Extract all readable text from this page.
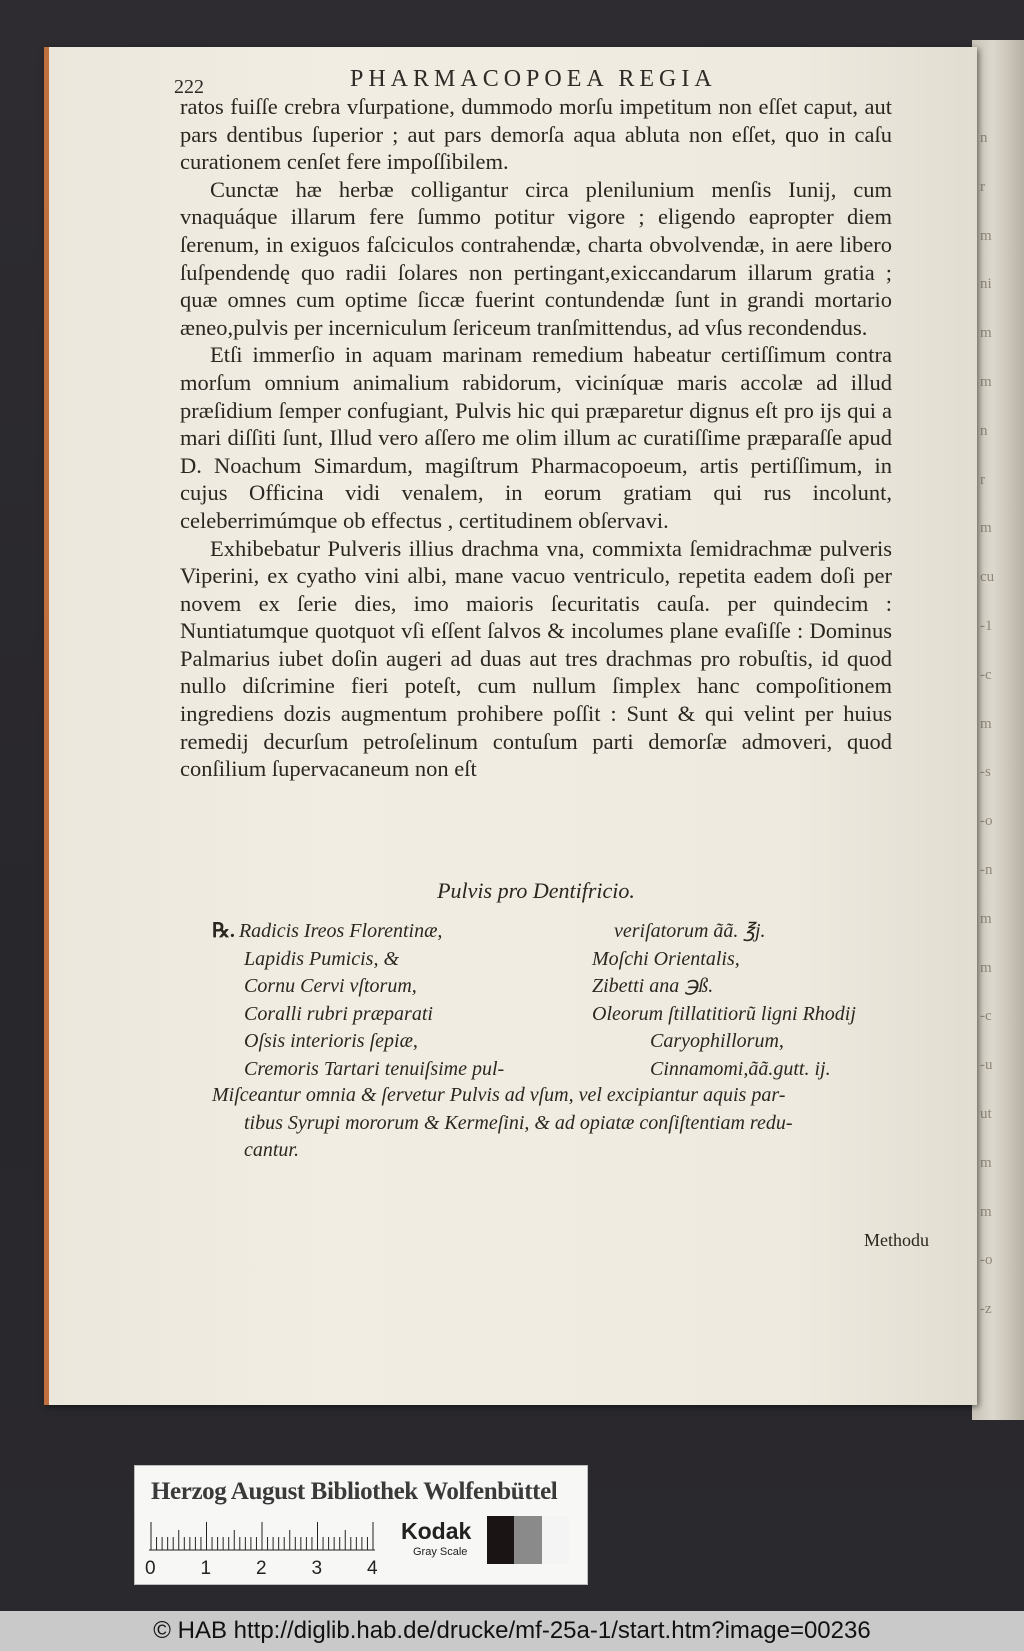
n
r
m
ni
m
m
n
r
m
cu
-1
-c
m
-s
-o
-n
m
m
-c
-u
ut
m
m
-o
-z
222	PHARMACOPOEA REGIA

ratos fuiſſe crebra vſurpatione, dummodo morſu impetitum non eſſet caput, aut pars dentibus ſuperior ; aut pars demorſa aqua abluta non eſſet, quo in caſu curationem cenſet fere impoſſibilem.

Cunctæ hæ herbæ colligantur circa plenilunium menſis Iunij, cum vnaquáque illarum fere ſummo potitur vigore ; eligendo eapropter diem ſerenum, in exiguos faſciculos contrahendæ, charta obvolvendæ, in aere libero ſuſpendendę quo radii ſolares non pertingant,exiccandarum illarum gratia ; quæ omnes cum optime ſiccæ fuerint contundendæ ſunt in grandi mortario æneo,pulvis per incerniculum ſericeum tranſmittendus, ad vſus recondendus.

Etſi immerſio in aquam marinam remedium habeatur certiſſimum contra morſum omnium animalium rabidorum, viciníquæ maris accolæ ad illud præſidium ſemper confugiant, Pulvis hic qui præparetur dignus eſt pro ijs qui a mari diſſiti ſunt, Illud vero aſſero me olim illum ac curatiſſime præparaſſe apud D. Noachum Simardum, magiſtrum Pharmacopoeum, artis pertiſſimum, in cujus Officina vidi venalem, in eorum gratiam qui rus incolunt, celeberrimúmque ob effectus , certitudinem obſervavi.

Exhibebatur Pulveris illius drachma vna, commixta ſemidrachmæ pulveris Viperini, ex cyatho vini albi, mane vacuo ventriculo, repetita eadem doſi per novem ex ſerie dies, imo maioris ſecuritatis cauſa. per quindecim : Nuntiatumque quotquot vſi eſſent ſalvos & incolumes plane evaſiſſe : Dominus Palmarius iubet doſin augeri ad duas aut tres drachmas pro robuſtis, id quod nullo diſcrimine fieri poteſt, cum nullum ſimplex hanc compoſitionem ingrediens dozis augmentum prohibere poſſit : Sunt & qui velint per huius remedij decurſum petroſelinum contuſum parti demorſæ admoveri, quod conſilium ſupervacaneum non eſt

Pulvis pro Dentifricio.
℞. Radicis Ireos Florentinæ,
Lapidis Pumicis, &
Cornu Cervi vſtorum,
Coralli rubri præparati
Oſsis interioris ſepiæ,
Cremoris Tartari tenuiſsime pul-
veriſatorum ãã. ℥j.
Moſchi Orientalis,
Zibetti ana ℈ß.
Oleorum ſtillatitiorũ ligni Rhodij
Caryophillorum,
Cinnamomi,ãã.gutt. ij.
Miſceantur omnia & ſervetur Pulvis ad vſum, vel excipiantur aquis par-
tibus Syrupi mororum & Kermeſini, & ad opiatæ conſiſtentiam redu-
cantur.
Methodu
Herzog August Bibliothek Wolfenbüttel
0 1 2 3 4
Kodak
Gray Scale
© HAB http://diglib.hab.de/drucke/mf-25a-1/start.htm?image=00236
